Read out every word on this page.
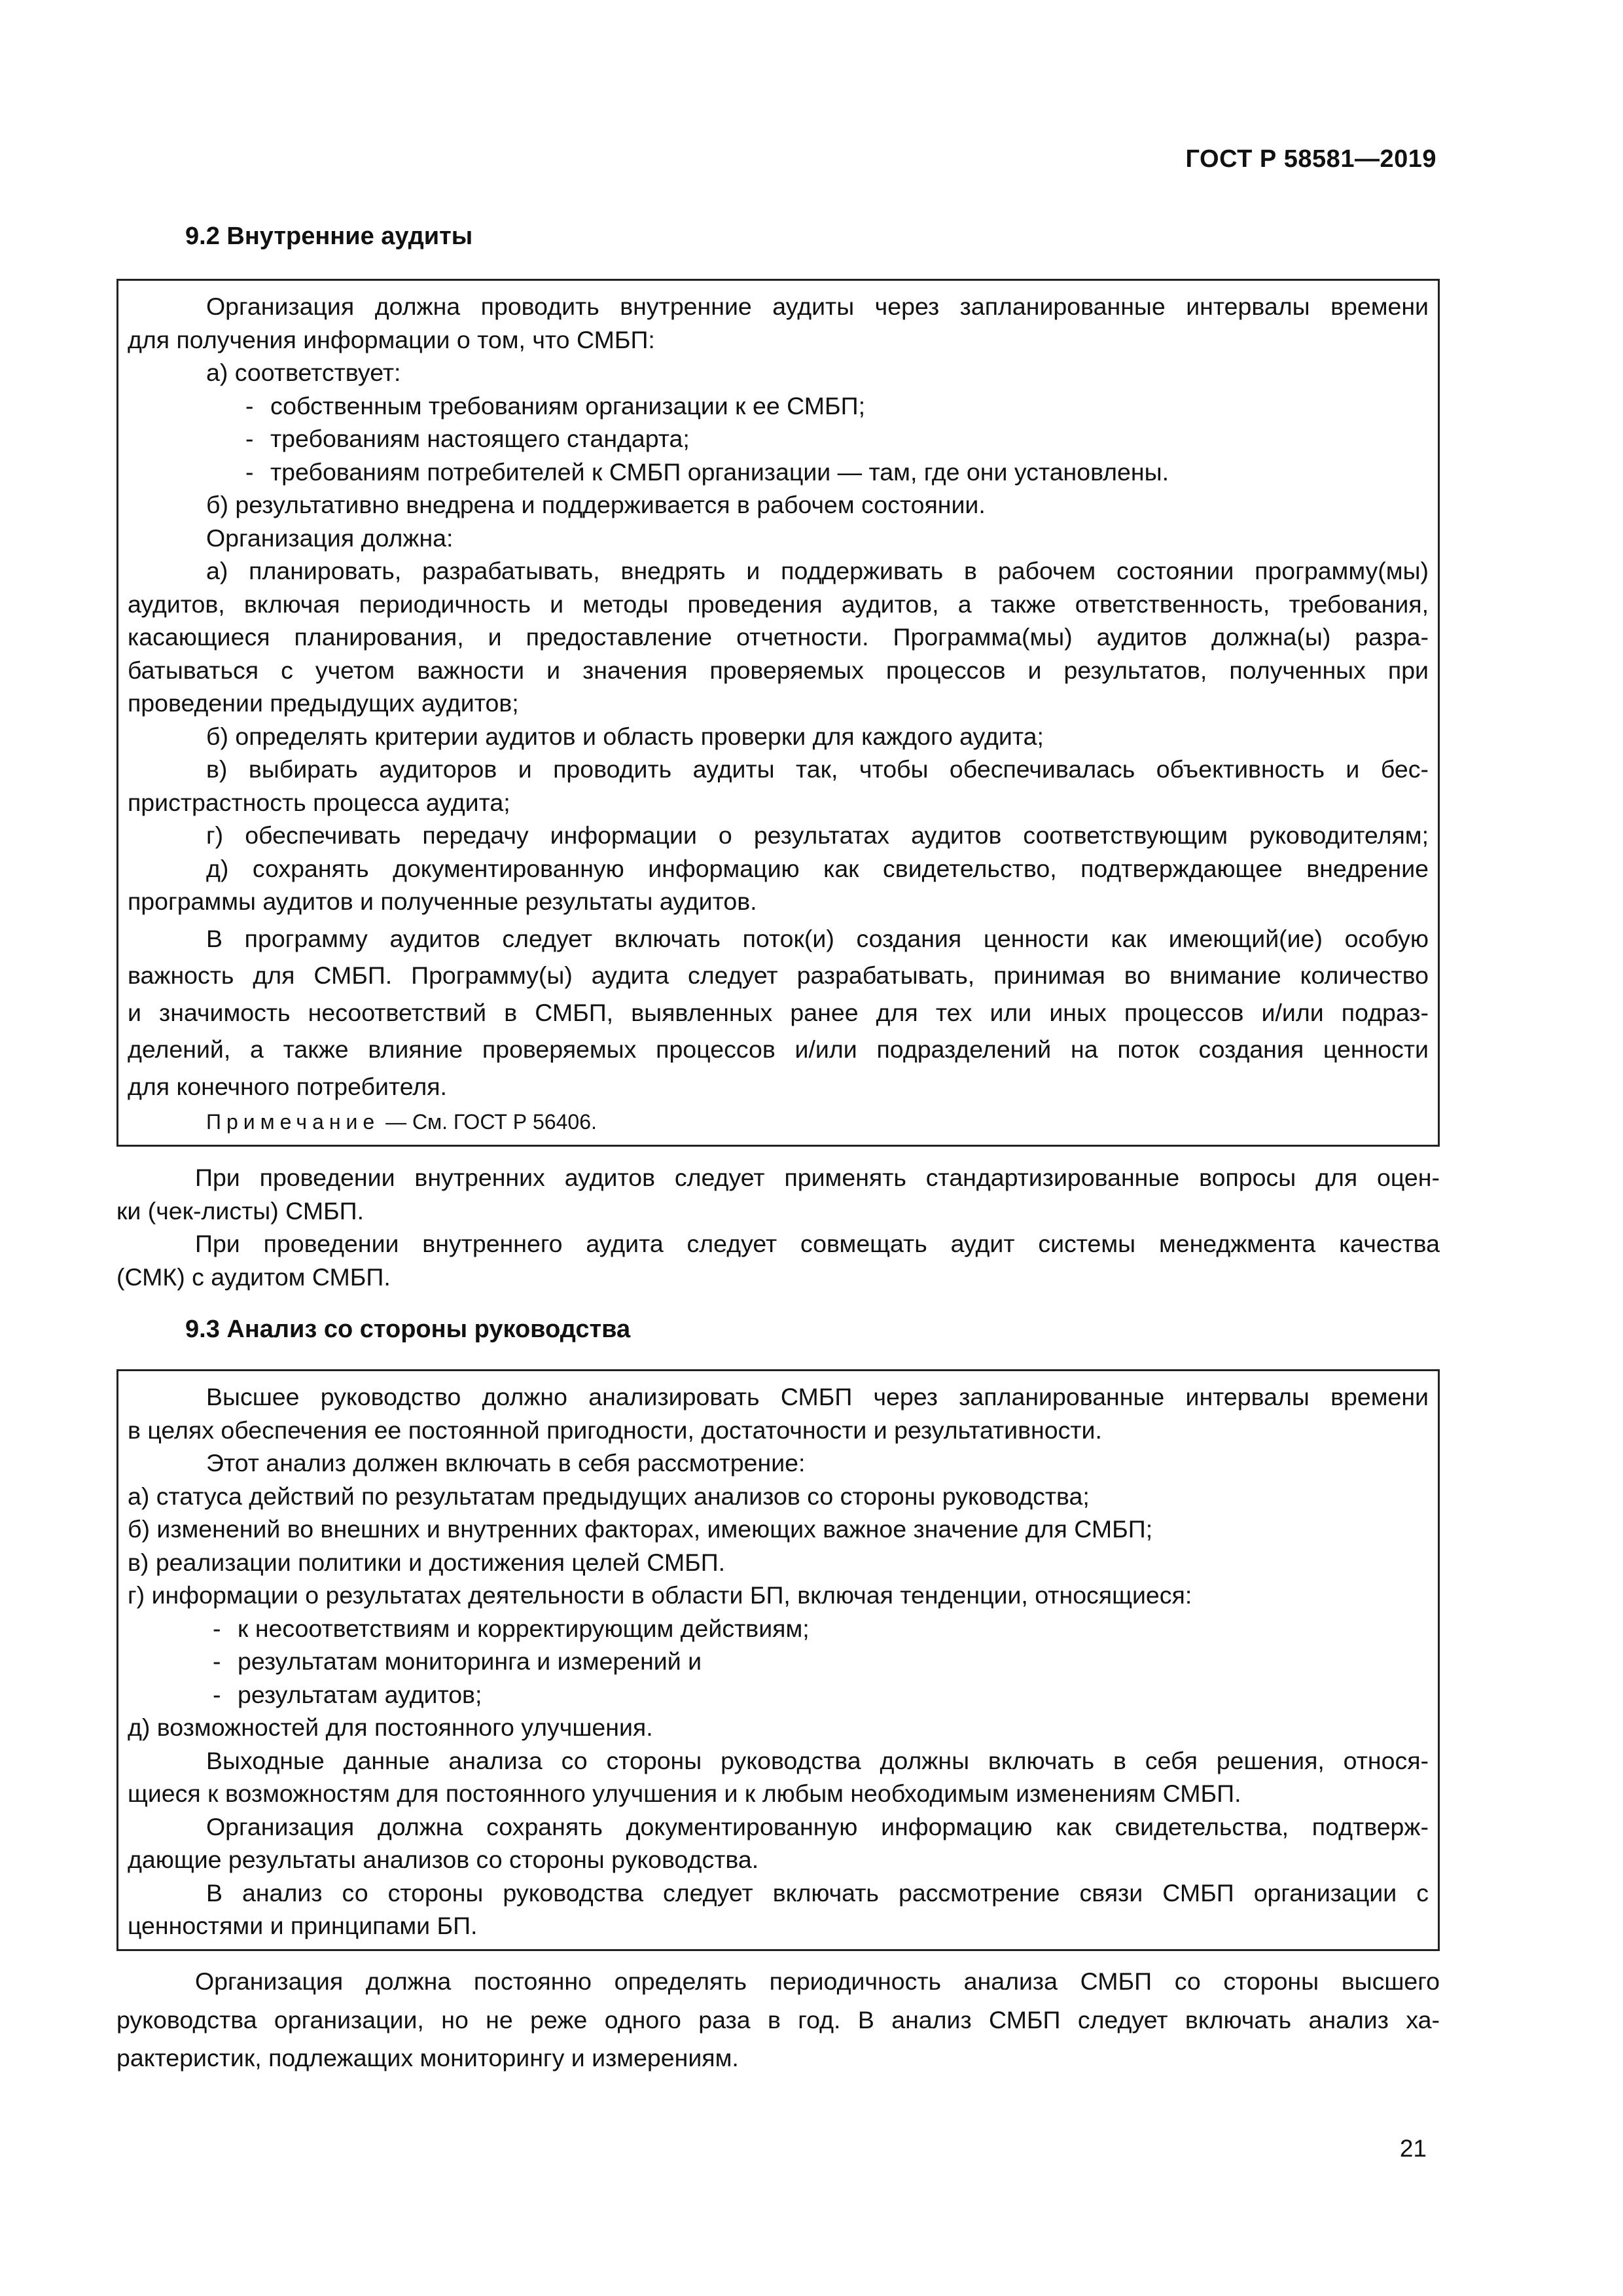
ГОСТ Р 58581—2019
9.2 Внутренние аудиты
Организация должна проводить внутренние аудиты через запланированные интервалы времени
для получения информации о том, что СМБП:
а) соответствует:
- собственным требованиям организации к ее СМБП;
- требованиям настоящего стандарта;
- требованиям потребителей к СМБП организации — там, где они установлены.
б) результативно внедрена и поддерживается в рабочем состоянии.
Организация должна:
а) планировать, разрабатывать, внедрять и поддерживать в рабочем состоянии программу(мы)
аудитов, включая периодичность и методы проведения аудитов, а также ответственность, требования,
касающиеся планирования, и предоставление отчетности. Программа(мы) аудитов должна(ы) разра-
батываться с учетом важности и значения проверяемых процессов и результатов, полученных при
проведении предыдущих аудитов;
б) определять критерии аудитов и область проверки для каждого аудита;
в) выбирать аудиторов и проводить аудиты так, чтобы обеспечивалась объективность и бес-
пристрастность процесса аудита;
г) обеспечивать передачу информации о результатах аудитов соответствующим руководителям;
д) сохранять документированную информацию как свидетельство, подтверждающее внедрение
программы аудитов и полученные результаты аудитов.
В программу аудитов следует включать поток(и) создания ценности как имеющий(ие) особую
важность для СМБП. Программу(ы) аудита следует разрабатывать, принимая во внимание количество
и значимость несоответствий в СМБП, выявленных ранее для тех или иных процессов и/или подраз-
делений, а также влияние проверяемых процессов и/или подразделений на поток создания ценности
для конечного потребителя.
Примечание — См. ГОСТ Р 56406.
При проведении внутренних аудитов следует применять стандартизированные вопросы для оцен-
ки (чек-листы) СМБП.
При проведении внутреннего аудита следует совмещать аудит системы менеджмента качества
(СМК) с аудитом СМБП.
9.3 Анализ со стороны руководства
Высшее руководство должно анализировать СМБП через запланированные интервалы времени
в целях обеспечения ее постоянной пригодности, достаточности и результативности.
Этот анализ должен включать в себя рассмотрение:
а) статуса действий по результатам предыдущих анализов со стороны руководства;
б) изменений во внешних и внутренних факторах, имеющих важное значение для СМБП;
в) реализации политики и достижения целей СМБП.
г) информации о результатах деятельности в области БП, включая тенденции, относящиеся:
- к несоответствиям и корректирующим действиям;
- результатам мониторинга и измерений и
- результатам аудитов;
д) возможностей для постоянного улучшения.
Выходные данные анализа со стороны руководства должны включать в себя решения, относя-
щиеся к возможностям для постоянного улучшения и к любым необходимым изменениям СМБП.
Организация должна сохранять документированную информацию как свидетельства, подтверж-
дающие результаты анализов со стороны руководства.
В анализ со стороны руководства следует включать рассмотрение связи СМБП организации с
ценностями и принципами БП.
Организация должна постоянно определять периодичность анализа СМБП со стороны высшего
руководства организации, но не реже одного раза в год. В анализ СМБП следует включать анализ ха-
рактеристик, подлежащих мониторингу и измерениям.
21
